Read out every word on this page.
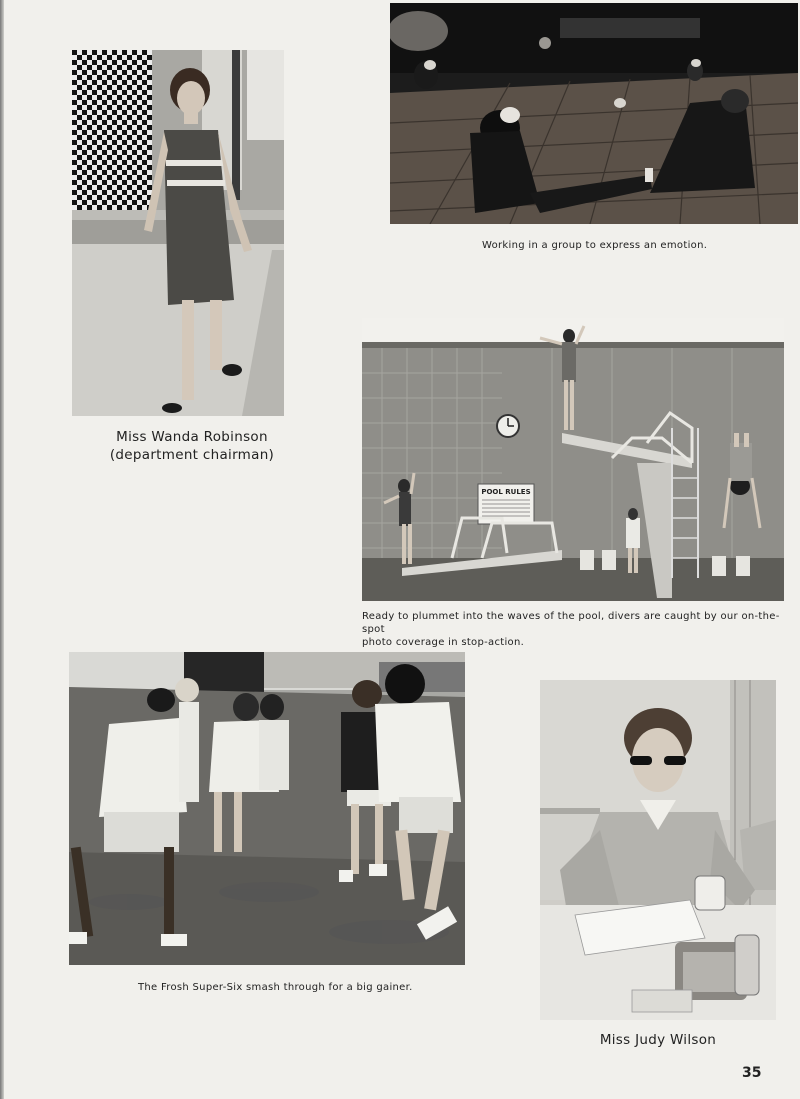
Miss Wanda Robinson
(department chairman)
Working in a group to express an emotion.
POOL RULES
Ready to plummet into the waves of the pool, divers are caught by our on-the-spot
photo coverage in stop-action.
The Frosh Super-Six smash through for a big gainer.
Miss Judy Wilson
35
